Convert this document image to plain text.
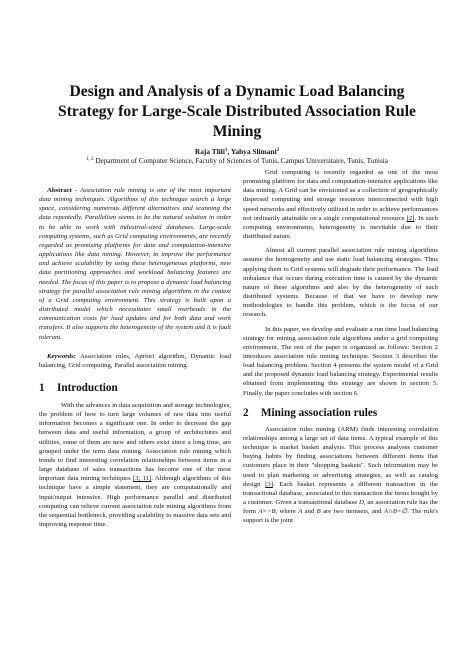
Design and Analysis of a Dynamic Load Balancing Strategy for Large-Scale Distributed Association Rule Mining
Raja Tlili$^1$, Yahya Slimani$^2$
$^{1, 2}$ Department of Computer Science, Faculty of Sciences of Tunis, Campus Universitaire, Tunis, Tunisia

Abstract - Association rule mining is one of the most important data mining techniques. Algorithms of this technique search a large space, considering numerous different alternatives and scanning the data repeatedly. Parallelism seems to be the natural solution in order to be able to work with industrial-sized databases. Large-scale computing systems, such as Grid computing environments, are recently regarded as promising platforms for data and computation-intensive applications like data mining. However, to improve the performance and achieve scalability by using these heterogeneous platforms, new data partitioning approaches and workload balancing features are needed. The focus of this paper is to propose a dynamic load balancing strategy for parallel association rule mining algorithms in the context of a Grid computing environment. This strategy is built upon a distributed model which necessitates small overheads in the communication costs for load updates and for both data and work transfers. It also supports the heterogeneity of the system and it is fault tolerant.

Keywords: Association rules, Apriori algorithm, Dynamic load balancing, Grid computing, Parallel association mining.

1 Introduction

With the advances in data acquisition and storage technologies, the problem of how to turn large volumes of raw data into useful information becomes a significant one. In order to decrease the gap between data and useful information, a group of architectures and utilities, some of them are new and others exist since a long time, are grouped under the term data mining. Association rule mining which trends to find interesting correlation relationships between items in a large database of sales transactions has become one of the most important data mining techniques [3, 11]. Although algorithms of this technique have a simple statement, they are computationally and input/output intensive. High performance parallel and distributed computing can relieve current association rule mining algorithms from the sequential bottleneck, providing scalability to massive data sets and improving response time.

Grid computing is recently regarded as one of the most promising platform for data and computation-intensive applications like data mining. A Grid can be envisioned as a collection of geographically dispersed computing and storage resources interconnected with high speed networks and effectively utilized in order to achieve performances not ordinarily attainable on a single computational resource [2]. In such computing environments, heterogeneity is inevitable due to their distributed nature.

Almost all current parallel association rule mining algorithms assume the homogeneity and use static load balancing strategies. Thus applying them to Grid systems will degrade their performance. The load imbalance that occurs during execution time is caused by the dynamic nature of these algorithms and also by the heterogeneity of such distributed systems. Because of that we have to develop new methodologies to handle this problem, which is the focus of our research.

In this paper, we develop and evaluate a run time load balancing strategy for mining association rule algorithms under a grid computing environment. The rest of the paper is organized as follows: Section 2 introduces association rule mining technique. Section 3 describes the load balancing problem. Section 4 presents the system model of a Grid and the proposed dynamic load balancing strategy. Experimental results obtained from implementing this strategy are shown in section 5. Finally, the paper concludes with section 6.

2 Mining association rules

Association rules mining (ARM) finds interesting correlation relationships among a large set of data items. A typical example of this technique is market basket analysis. This process analyses customer buying habits by finding associations between different items that customers place in their "shopping baskets". Such information may be used to plan marketing or advertising strategies, as well as catalog design [3]. Each basket represents a different transaction in the transactional database, associated to this transaction the items bought by a customer. Given a transactional database D, an association rule has the form A=>B, where A and B are two itemsets, and A∩B=∅. The rule's support is the joint
